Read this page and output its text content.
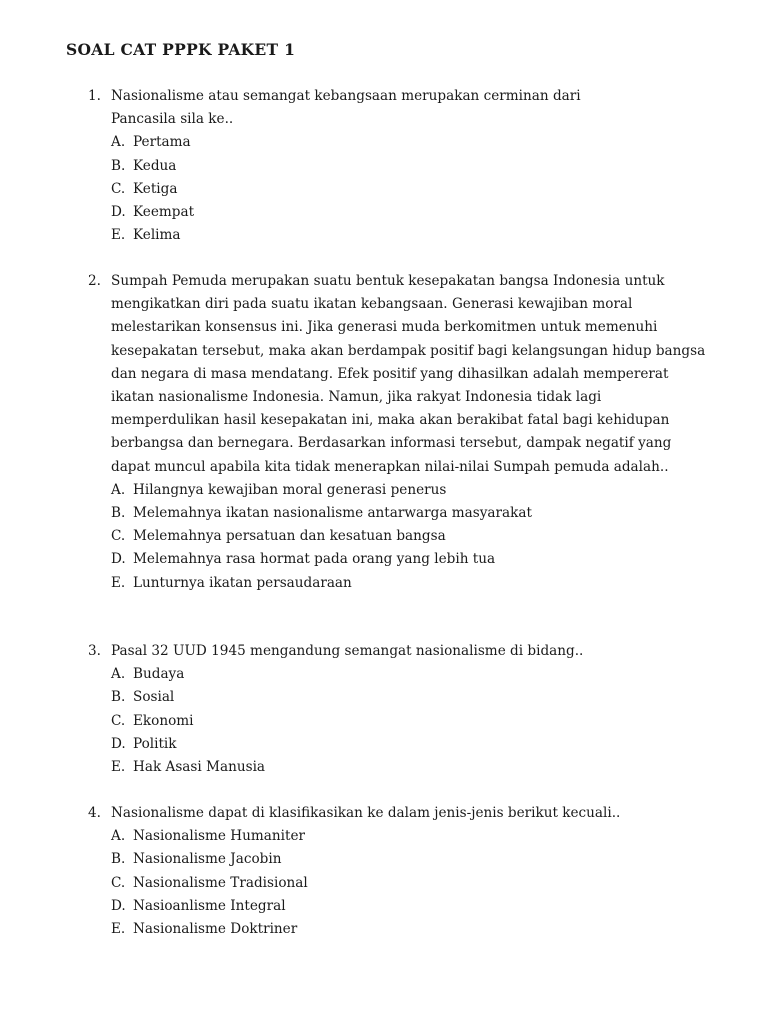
SOAL CAT PPPK PAKET 1
1. Nasionalisme atau semangat kebangsaan merupakan cerminan dari Pancasila sila ke..
A. Pertama
B. Kedua
C. Ketiga
D. Keempat
E. Kelima
2. Sumpah Pemuda merupakan suatu bentuk kesepakatan bangsa Indonesia untuk mengikatkan diri pada suatu ikatan kebangsaan. Generasi kewajiban moral melestarikan konsensus ini. Jika generasi muda berkomitmen untuk memenuhi kesepakatan tersebut, maka akan berdampak positif bagi kelangsungan hidup bangsa dan negara di masa mendatang. Efek positif yang dihasilkan adalah mempererat ikatan nasionalisme Indonesia. Namun, jika rakyat Indonesia tidak lagi memperdulikan hasil kesepakatan ini, maka akan berakibat fatal bagi kehidupan berbangsa dan bernegara. Berdasarkan informasi tersebut, dampak negatif yang dapat muncul apabila kita tidak menerapkan nilai-nilai Sumpah pemuda adalah..
A. Hilangnya kewajiban moral generasi penerus
B. Melemahnya ikatan nasionalisme antarwarga masyarakat
C. Melemahnya persatuan dan kesatuan bangsa
D. Melemahnya rasa hormat pada orang yang lebih tua
E. Lunturnya ikatan persaudaraan
3. Pasal 32 UUD 1945 mengandung semangat nasionalisme di bidang..
A. Budaya
B. Sosial
C. Ekonomi
D. Politik
E. Hak Asasi Manusia
4. Nasionalisme dapat di klasifikasikan ke dalam jenis-jenis berikut kecuali..
A. Nasionalisme Humaniter
B. Nasionalisme Jacobin
C. Nasionalisme Tradisional
D. Nasioanlisme Integral
E. Nasionalisme Doktriner
